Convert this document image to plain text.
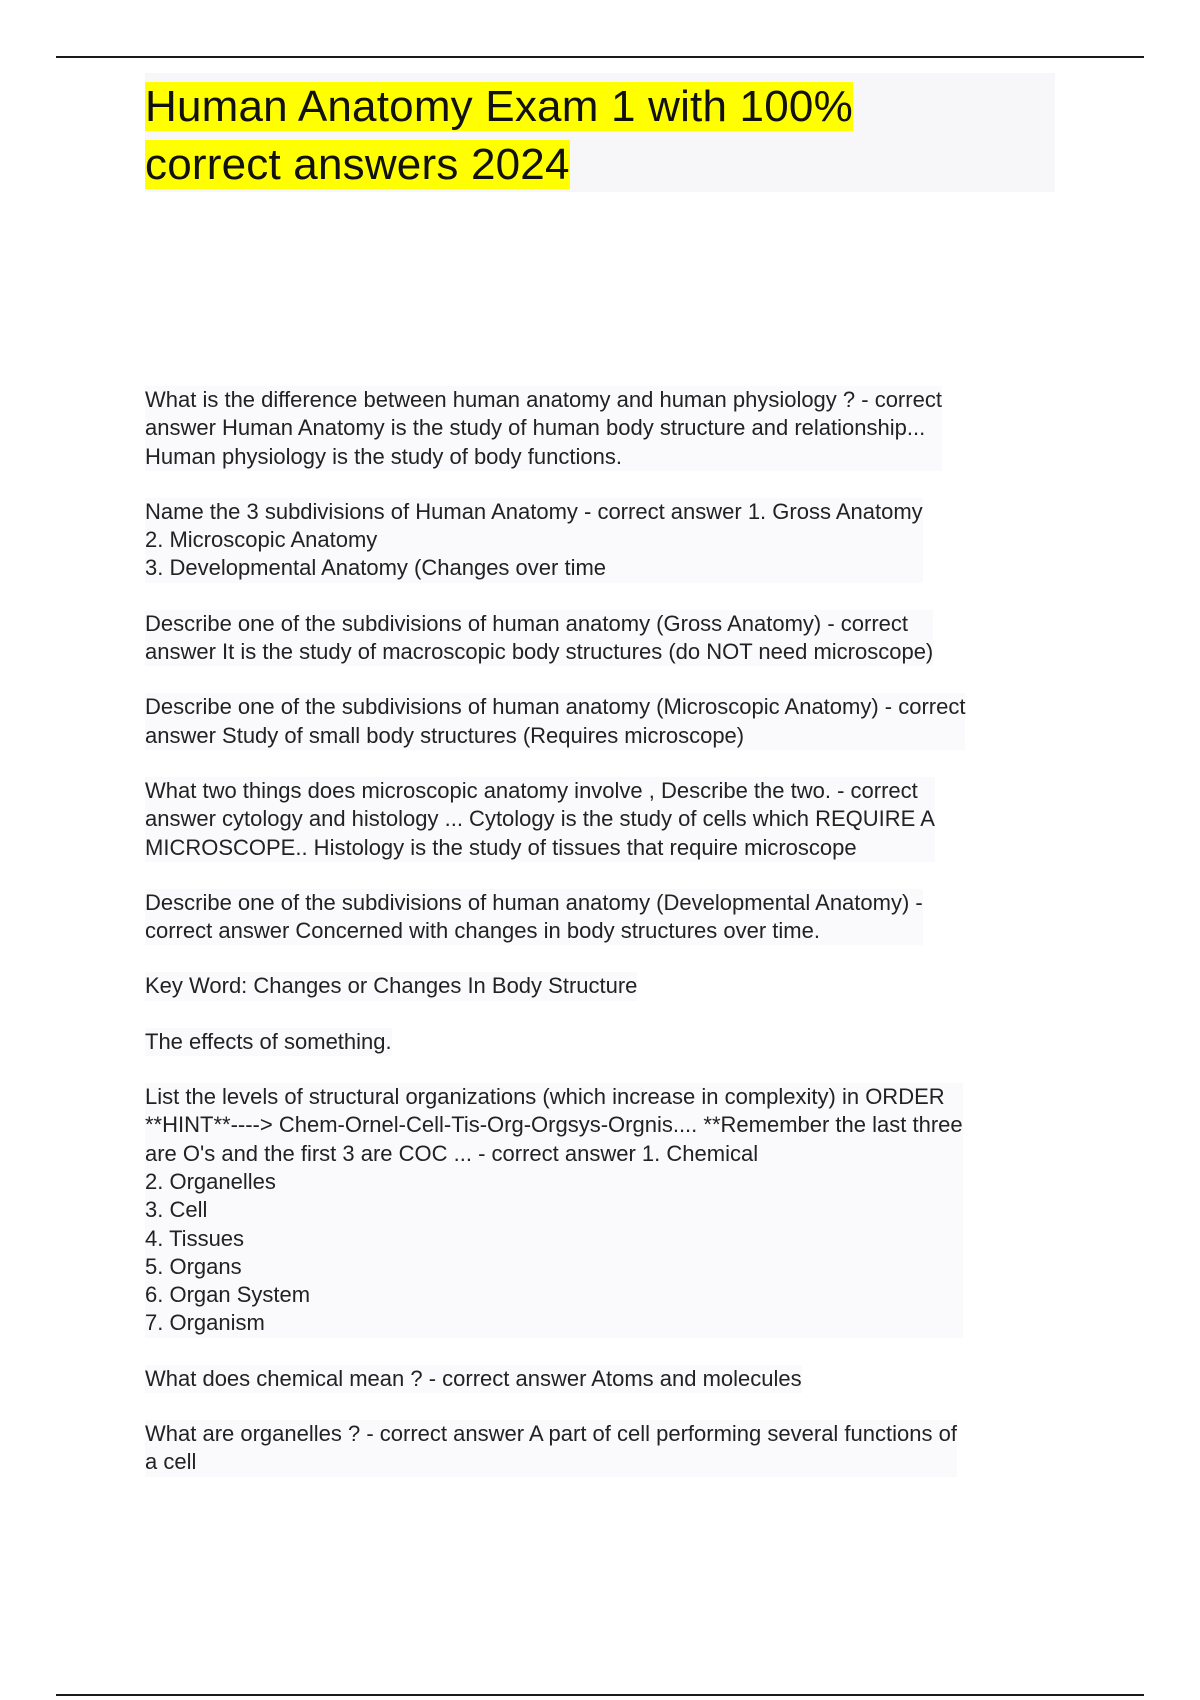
Human Anatomy Exam 1 with 100%
correct answers 2024
What is the difference between human anatomy and human physiology ? - correct
answer Human Anatomy is the study of human body structure and relationship...
Human physiology is the study of body functions.
Name the 3 subdivisions of Human Anatomy - correct answer 1. Gross Anatomy
2. Microscopic Anatomy
3. Developmental Anatomy (Changes over time
Describe one of the subdivisions of human anatomy (Gross Anatomy) - correct
answer It is the study of macroscopic body structures (do NOT need microscope)
Describe one of the subdivisions of human anatomy (Microscopic Anatomy) - correct
answer Study of small body structures (Requires microscope)
What two things does microscopic anatomy involve , Describe the two. - correct
answer cytology and histology ... Cytology is the study of cells which REQUIRE A
MICROSCOPE.. Histology is the study of tissues that require microscope
Describe one of the subdivisions of human anatomy (Developmental Anatomy) -
correct answer Concerned with changes in body structures over time.
Key Word: Changes or Changes In Body Structure
The effects of something.
List the levels of structural organizations (which increase in complexity) in ORDER
**HINT**----> Chem-Ornel-Cell-Tis-Org-Orgsys-Orgnis.... **Remember the last three
are O's and the first 3 are COC ... - correct answer 1. Chemical
2. Organelles
3. Cell
4. Tissues
5. Organs
6. Organ System
7. Organism
What does chemical mean ? - correct answer Atoms and molecules
What are organelles ? - correct answer A part of cell performing several functions of
a cell
